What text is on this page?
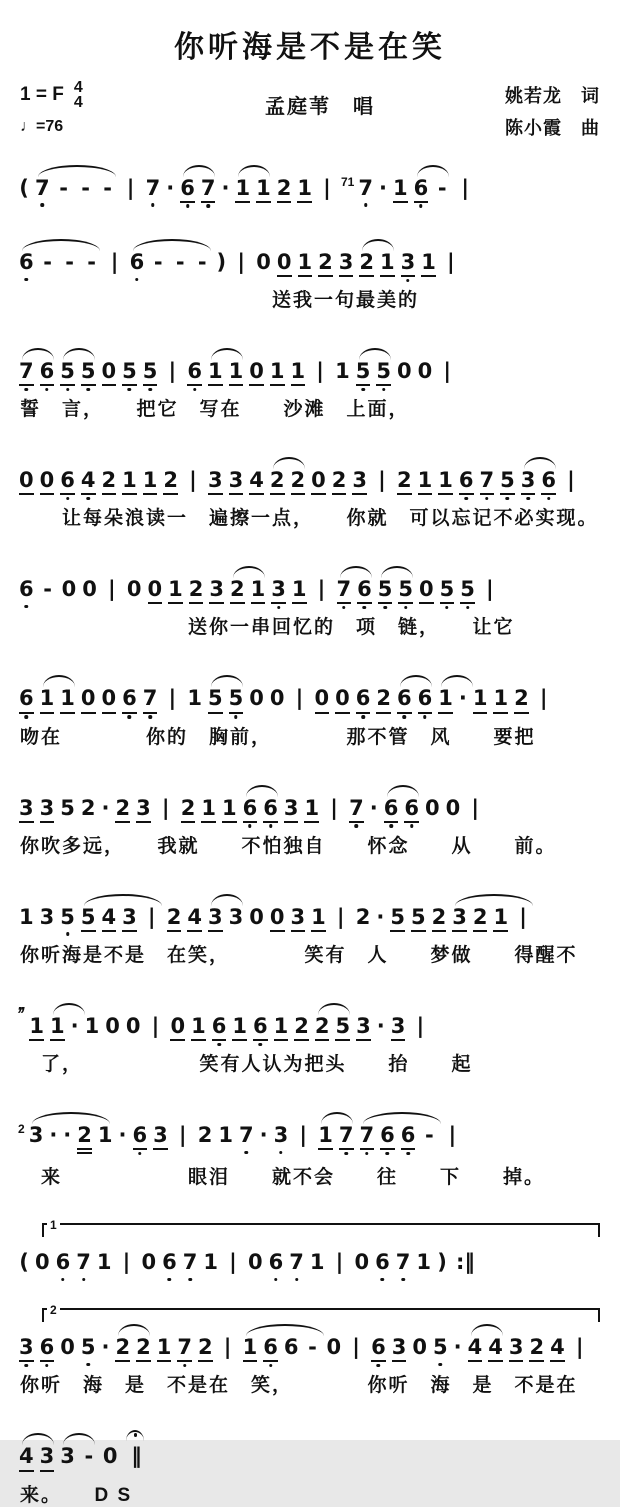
你听海是不是在笑
1 = F 4
4
♩=76
孟庭苇　唱	姚若龙　词
陈小霞　曲
( 7 - - - | 7 · 6 7 · 1 1 2 1 | 71 7 · 1 6 - |
6 - - - | 6 - - - ) | 0 0 1 2 3 2 1 3 1 |
　　　　　　　　　　　　送我一句最美的
7 6 5 5 0 5 5 | 6 1 1 0 1 1 | 1 5 5 0 0 |
誓　言，　　把它　写在　　沙滩　上面，
0 0 6 4 2 1 1 2 | 3 3 4 2 2 0 2 3 | 2 1 1 6 7 5 3 6 |
　　让每朵浪读一　遍擦一点，　　你就　可以忘记不必实现。
6 - 0 0 | 0 0 1 2 3 2 1 3 1 | 7 6 5 5 0 5 5 |
　　　　　　　　送你一串回忆的　项　链，　　让它
6 1 1 0 0 6 7 | 1 5 5 0 0 | 0 0 6 2 6 6 1 · 1 1 2 |
吻在　　　　你的　胸前，　　　　那不管　风　　要把
3 3 5 2 · 2 3 | 2 1 1 6 6 3 1 | 7 · 6 6 0 0 |
你吹多远，　　我就　　不怕独自　　怀念　　从　　前。
1 3 5 5 4 3 | 2 4 3 3 0 0 3 1 | 2 · 5 5 2 3 2 1 |
你听海是不是　在笑，　　　　笑有　人　　梦做　　得醒不
’’ 1 1 · 1 0 0 | 0 1 6 1 6 1 2 2 5 3 · 3 |
　了，　　　　　　笑有人认为把头　　抬　　起
2 3 · · 2 1 · 6 3 | 2 1 7 · 3 | 1 7 7 6 6 - |
　来　　　　　　眼泪　　就不会　　往　　下　　掉。
1
( 0 6 7 1 | 0 6 7 1 | 0 6 7 1 | 0 6 7 1 ) :‖
2
3 6 0 5 · 2 2 1 7 2 | 1 6 6 - 0 | 6 3 0 5 · 4 4 3 2 4 |
你听　海　是　不是在　笑，　　　　你听　海　是　不是在
4 3 3 - 0 ‖
来。　　D S
